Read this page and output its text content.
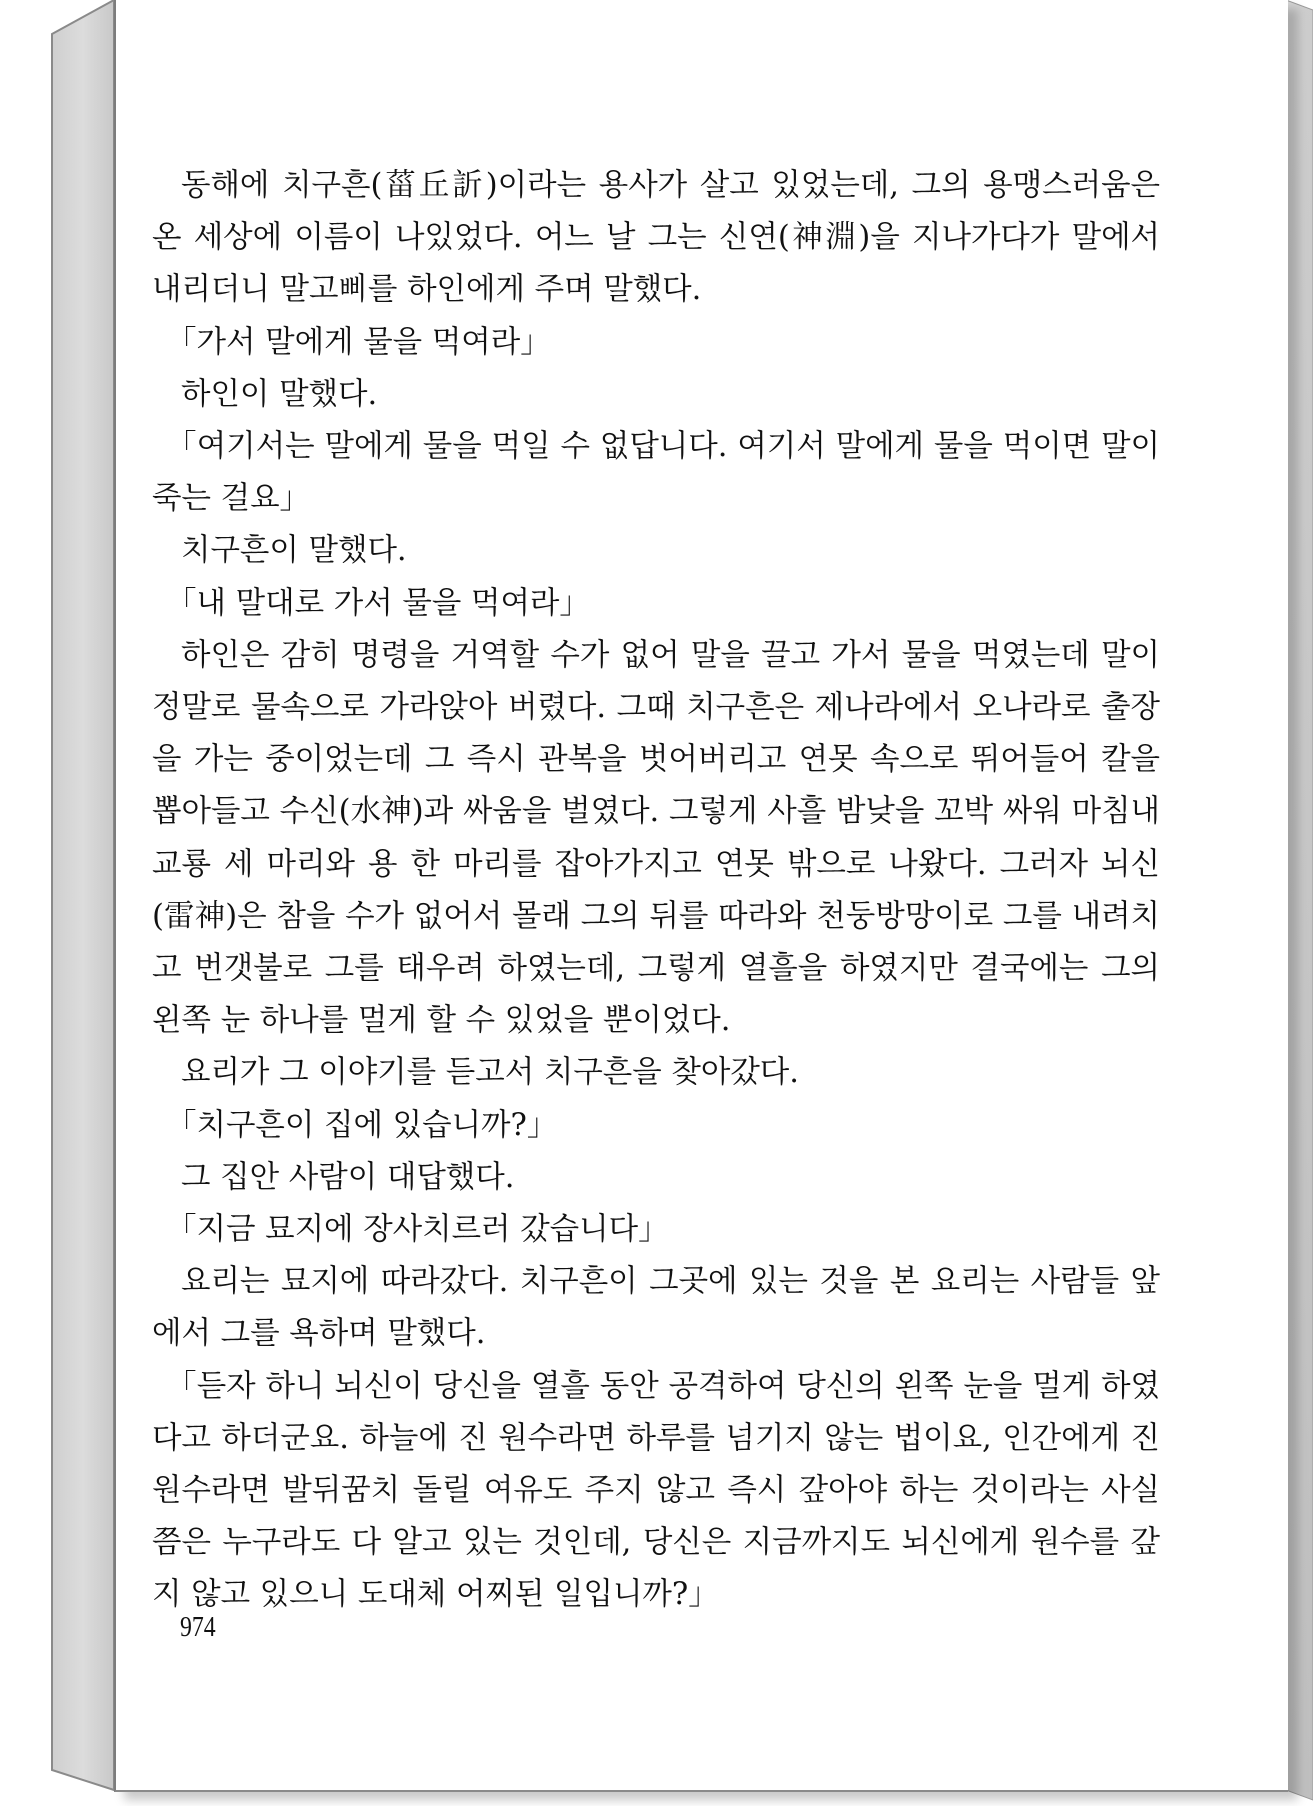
동해에 치구흔(菑丘訢)이라는 용사가 살고 있었는데, 그의 용맹스러움은 온 세상에 이름이 나있었다. 어느 날 그는 신연(神淵)을 지나가다가 말에서 내리더니 말고삐를 하인에게 주며 말했다.

「가서 말에게 물을 먹여라」

하인이 말했다.

「여기서는 말에게 물을 먹일 수 없답니다. 여기서 말에게 물을 먹이면 말이 죽는 걸요」

치구흔이 말했다.

「내 말대로 가서 물을 먹여라」

하인은 감히 명령을 거역할 수가 없어 말을 끌고 가서 물을 먹였는데 말이 정말로 물속으로 가라앉아 버렸다. 그때 치구흔은 제나라에서 오나라로 출장을 가는 중이었는데 그 즉시 관복을 벗어버리고 연못 속으로 뛰어들어 칼을 뽑아들고 수신(水神)과 싸움을 벌였다. 그렇게 사흘 밤낮을 꼬박 싸워 마침내 교룡 세 마리와 용 한 마리를 잡아가지고 연못 밖으로 나왔다. 그러자 뇌신(雷神)은 참을 수가 없어서 몰래 그의 뒤를 따라와 천둥방망이로 그를 내려치고 번갯불로 그를 태우려 하였는데, 그렇게 열흘을 하였지만 결국에는 그의 왼쪽 눈 하나를 멀게 할 수 있었을 뿐이었다.

요리가 그 이야기를 듣고서 치구흔을 찾아갔다.

「치구흔이 집에 있습니까?」

그 집안 사람이 대답했다.

「지금 묘지에 장사치르러 갔습니다」

요리는 묘지에 따라갔다. 치구흔이 그곳에 있는 것을 본 요리는 사람들 앞에서 그를 욕하며 말했다.

「듣자 하니 뇌신이 당신을 열흘 동안 공격하여 당신의 왼쪽 눈을 멀게 하였다고 하더군요. 하늘에 진 원수라면 하루를 넘기지 않는 법이요, 인간에게 진 원수라면 발뒤꿈치 돌릴 여유도 주지 않고 즉시 갚아야 하는 것이라는 사실쯤은 누구라도 다 알고 있는 것인데, 당신은 지금까지도 뇌신에게 원수를 갚지 않고 있으니 도대체 어찌된 일입니까?」

974
